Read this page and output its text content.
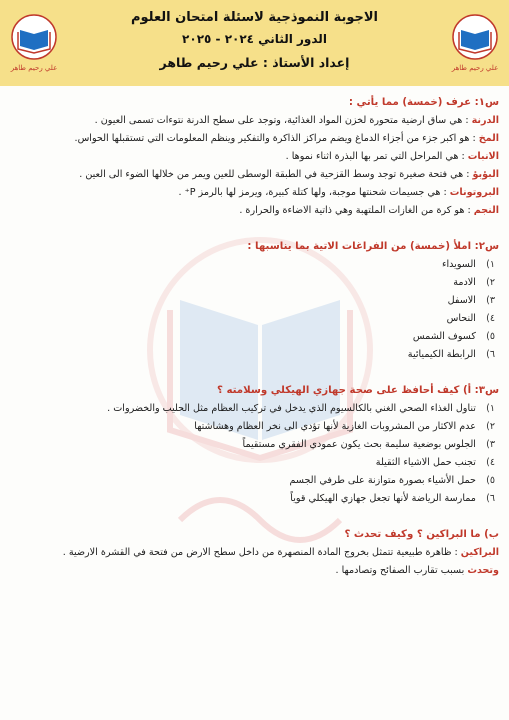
علي رحيم طاهر	علي رحيم طاهر
الاجوبة النموذجية لاسئلة امتحان العلوم
الدور الثاني ٢٠٢٤ - ٢٠٢٥
إعداد الأستاذ : علي رحيم طاهر
س١: عرف (خمسة) مما يأتي :
الدرنة : هي ساق ارضية متحورة لخزن المواد الغذائية، وتوجد على سطح الدرنة نتوءات تسمى العيون .
المخ : هو اكبر جزء من أجزاء الدماغ ويضم مراكز الذاكرة والتفكير وينظم المعلومات التي تستقبلها الحواس.
الانبات : هي المراحل التي تمر بها البذرة اثناء نموها .
البؤبؤ : هي فتحة صغيرة توجد وسط القزحية في الطبقة الوسطى للعين ويمر من خلالها الضوء الى العين .
البروتونات : هي جسيمات شحنتها موجبة، ولها كتلة كبيرة، ويرمز لها بالرمز P⁺ .
النجم : هو كرة من الغازات الملتهبة وهي ذاتية الاضاءة والحرارة .
س٢: املأ (خمسة) من الفراغات الاتية بما يناسبها :
١) السويداء
٢) الادمة
٣) الاسفل
٤) النحاس
٥) كسوف الشمس
٦) الرابطة الكيميائية
س٣: أ) كيف أحافظ على صحة جهازي الهيكلي وسلامته ؟
١) تناول الغذاء الصحي الغني بالكالسيوم الذي يدخل في تركيب العظام مثل الحليب والخضروات .
٢) عدم الاكثار من المشروبات الغازية لأنها تؤدي الى نخر العظام وهشاشتها
٣) الجلوس بوضعية سليمة بحث يكون عمودي الفقري مستقيماً
٤) تجنب حمل الاشياء الثقيلة
٥) حمل الأشياء بصورة متوازنة على طرفي الجسم
٦) ممارسة الرياضة لأنها تجعل جهازي الهيكلي قوياً
ب) ما البراكين ؟ وكيف تحدث ؟
البراكين : ظاهرة طبيعية تتمثل بخروج المادة المنصهرة من داخل سطح الارض من فتحة في القشرة الارضية .
وتحدث بسبب تقارب الصفائح وتصادمها .
